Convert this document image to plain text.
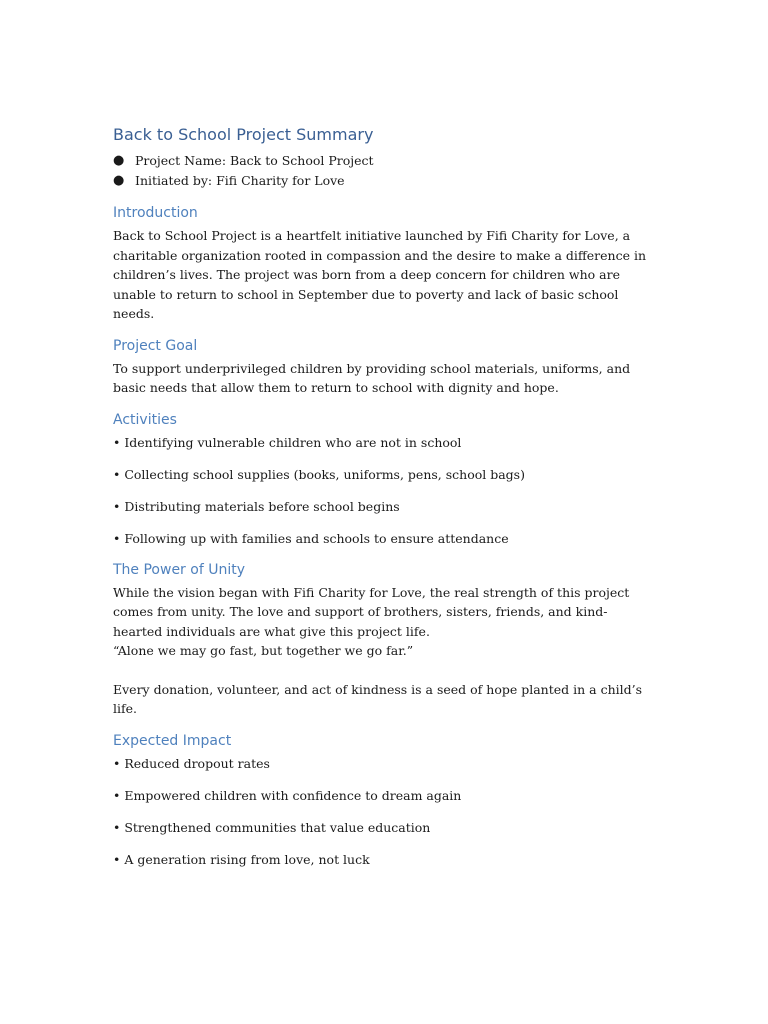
Back to School Project Summary
● Project Name: Back to School Project
● Initiated by: Fifi Charity for Love
Introduction

Back to School Project is a heartfelt initiative launched by Fifi Charity for Love, a charitable organization rooted in compassion and the desire to make a difference in children’s lives. The project was born from a deep concern for children who are unable to return to school in September due to poverty and lack of basic school needs.

Project Goal

To support underprivileged children by providing school materials, uniforms, and basic needs that allow them to return to school with dignity and hope.

Activities
• Identifying vulnerable children who are not in school
• Collecting school supplies (books, uniforms, pens, school bags)
• Distributing materials before school begins
• Following up with families and schools to ensure attendance
The Power of Unity

While the vision began with Fifi Charity for Love, the real strength of this project comes from unity. The love and support of brothers, sisters, friends, and kind-hearted individuals are what give this project life.

“Alone we may go fast, but together we go far.”

Every donation, volunteer, and act of kindness is a seed of hope planted in a child’s life.

Expected Impact
• Reduced dropout rates
• Empowered children with confidence to dream again
• Strengthened communities that value education
• A generation rising from love, not luck
